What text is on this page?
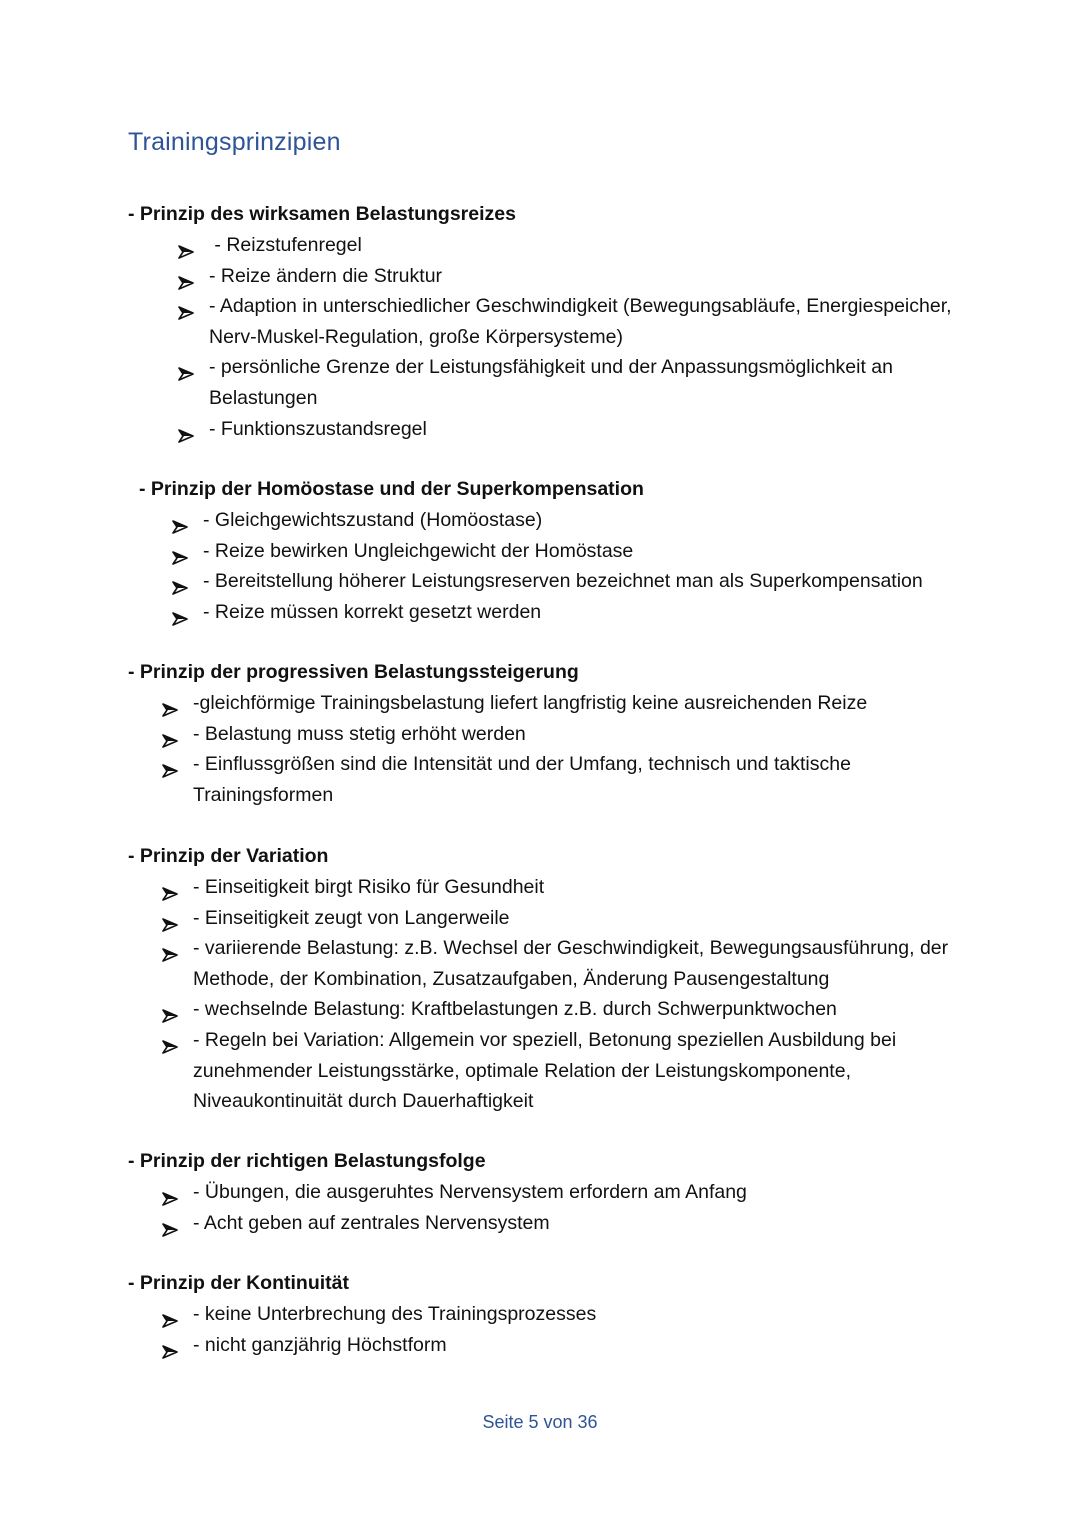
Trainingsprinzipien
- Prinzip des wirksamen Belastungsreizes
- Reizstufenregel
- Reize ändern die Struktur
- Adaption in unterschiedlicher Geschwindigkeit (Bewegungsabläufe, Energiespeicher, Nerv-Muskel-Regulation, große Körpersysteme)
- persönliche Grenze der Leistungsfähigkeit und der Anpassungsmöglichkeit an Belastungen
- Funktionszustandsregel
- Prinzip der Homöostase und der Superkompensation
- Gleichgewichtszustand (Homöostase)
- Reize bewirken Ungleichgewicht der Homöstase
- Bereitstellung höherer Leistungsreserven bezeichnet man als Superkompensation
- Reize müssen korrekt gesetzt werden
- Prinzip der progressiven Belastungssteigerung
-gleichförmige Trainingsbelastung liefert langfristig keine ausreichenden Reize
- Belastung muss stetig erhöht werden
- Einflussgrößen sind die Intensität und der Umfang, technisch und taktische Trainingsformen
- Prinzip der Variation
- Einseitigkeit birgt Risiko für Gesundheit
- Einseitigkeit zeugt von Langerweile
- variierende Belastung: z.B. Wechsel der Geschwindigkeit, Bewegungsausführung, der Methode, der Kombination, Zusatzaufgaben, Änderung Pausengestaltung
- wechselnde Belastung: Kraftbelastungen z.B. durch Schwerpunktwochen
- Regeln bei Variation: Allgemein vor speziell, Betonung speziellen Ausbildung bei zunehmender Leistungsstärke, optimale Relation der Leistungskomponente, Niveaukontinuität durch Dauerhaftigkeit
- Prinzip der richtigen Belastungsfolge
- Übungen, die ausgeruhtes Nervensystem erfordern am Anfang
- Acht geben auf zentrales Nervensystem
- Prinzip der Kontinuität
- keine Unterbrechung des Trainingsprozesses
- nicht ganzjährig Höchstform
Seite 5 von 36
